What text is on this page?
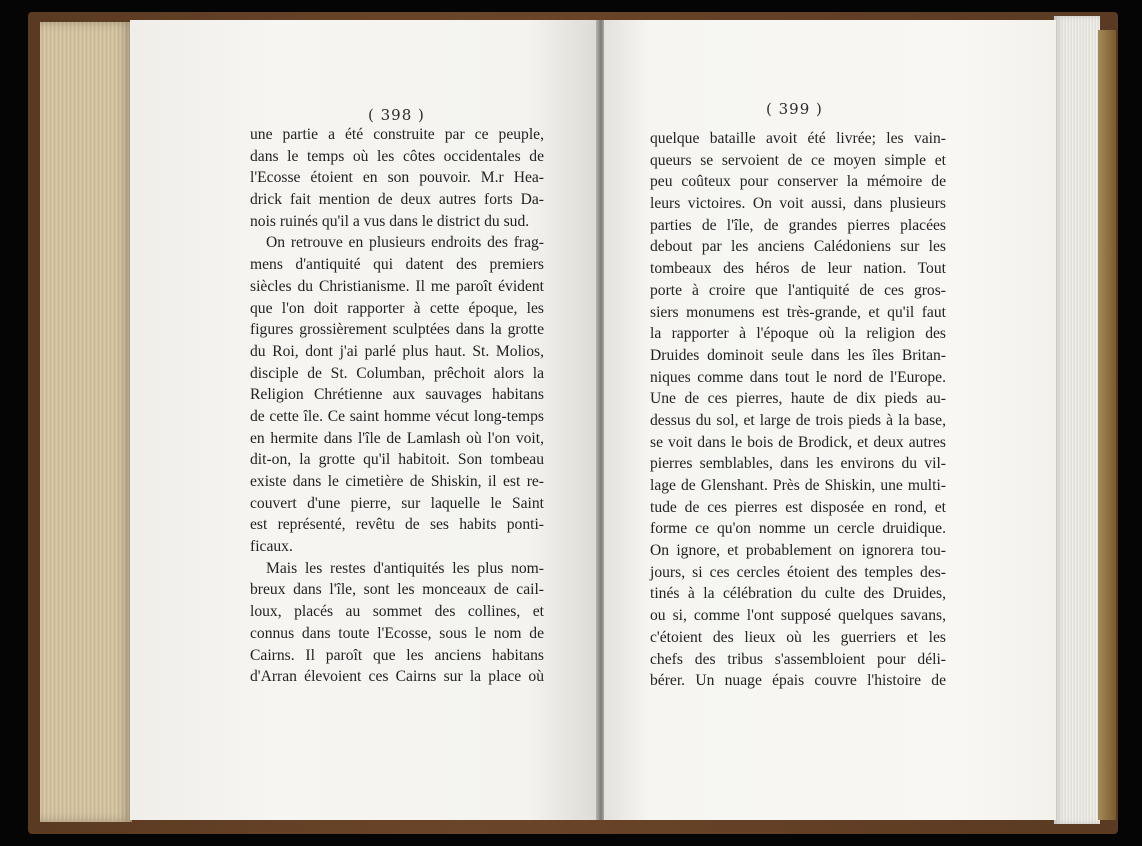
( 398 )	( 399 )
une partie a été construite par ce peuple,
dans le temps où les côtes occidentales de
l'Ecosse étoient en son pouvoir. M.r Hea-
drick fait mention de deux autres forts Da-
nois ruinés qu'il a vus dans le district du sud.
On retrouve en plusieurs endroits des frag-
mens d'antiquité qui datent des premiers
siècles du Christianisme. Il me paroît évident
que l'on doit rapporter à cette époque, les
figures grossièrement sculptées dans la grotte
du Roi, dont j'ai parlé plus haut. St. Molios,
disciple de St. Columban, prêchoit alors la
Religion Chrétienne aux sauvages habitans
de cette île. Ce saint homme vécut long-temps
en hermite dans l'île de Lamlash où l'on voit,
dit-on, la grotte qu'il habitoit. Son tombeau
existe dans le cimetière de Shiskin, il est re-
couvert d'une pierre, sur laquelle le Saint
est représenté, revêtu de ses habits ponti-
ficaux.
Mais les restes d'antiquités les plus nom-
breux dans l'île, sont les monceaux de cail-
loux, placés au sommet des collines, et
connus dans toute l'Ecosse, sous le nom de
Cairns. Il paroît que les anciens habitans
d'Arran élevoient ces Cairns sur la place où
quelque bataille avoit été livrée; les vain-
queurs se servoient de ce moyen simple et
peu coûteux pour conserver la mémoire de
leurs victoires. On voit aussi, dans plusieurs
parties de l'île, de grandes pierres placées
debout par les anciens Calédoniens sur les
tombeaux des héros de leur nation. Tout
porte à croire que l'antiquité de ces gros-
siers monumens est très-grande, et qu'il faut
la rapporter à l'époque où la religion des
Druides dominoit seule dans les îles Britan-
niques comme dans tout le nord de l'Europe.
Une de ces pierres, haute de dix pieds au-
dessus du sol, et large de trois pieds à la base,
se voit dans le bois de Brodick, et deux autres
pierres semblables, dans les environs du vil-
lage de Glenshant. Près de Shiskin, une multi-
tude de ces pierres est disposée en rond, et
forme ce qu'on nomme un cercle druidique.
On ignore, et probablement on ignorera tou-
jours, si ces cercles étoient des temples des-
tinés à la célébration du culte des Druides,
ou si, comme l'ont supposé quelques savans,
c'étoient des lieux où les guerriers et les
chefs des tribus s'assembloient pour déli-
bérer. Un nuage épais couvre l'histoire de
